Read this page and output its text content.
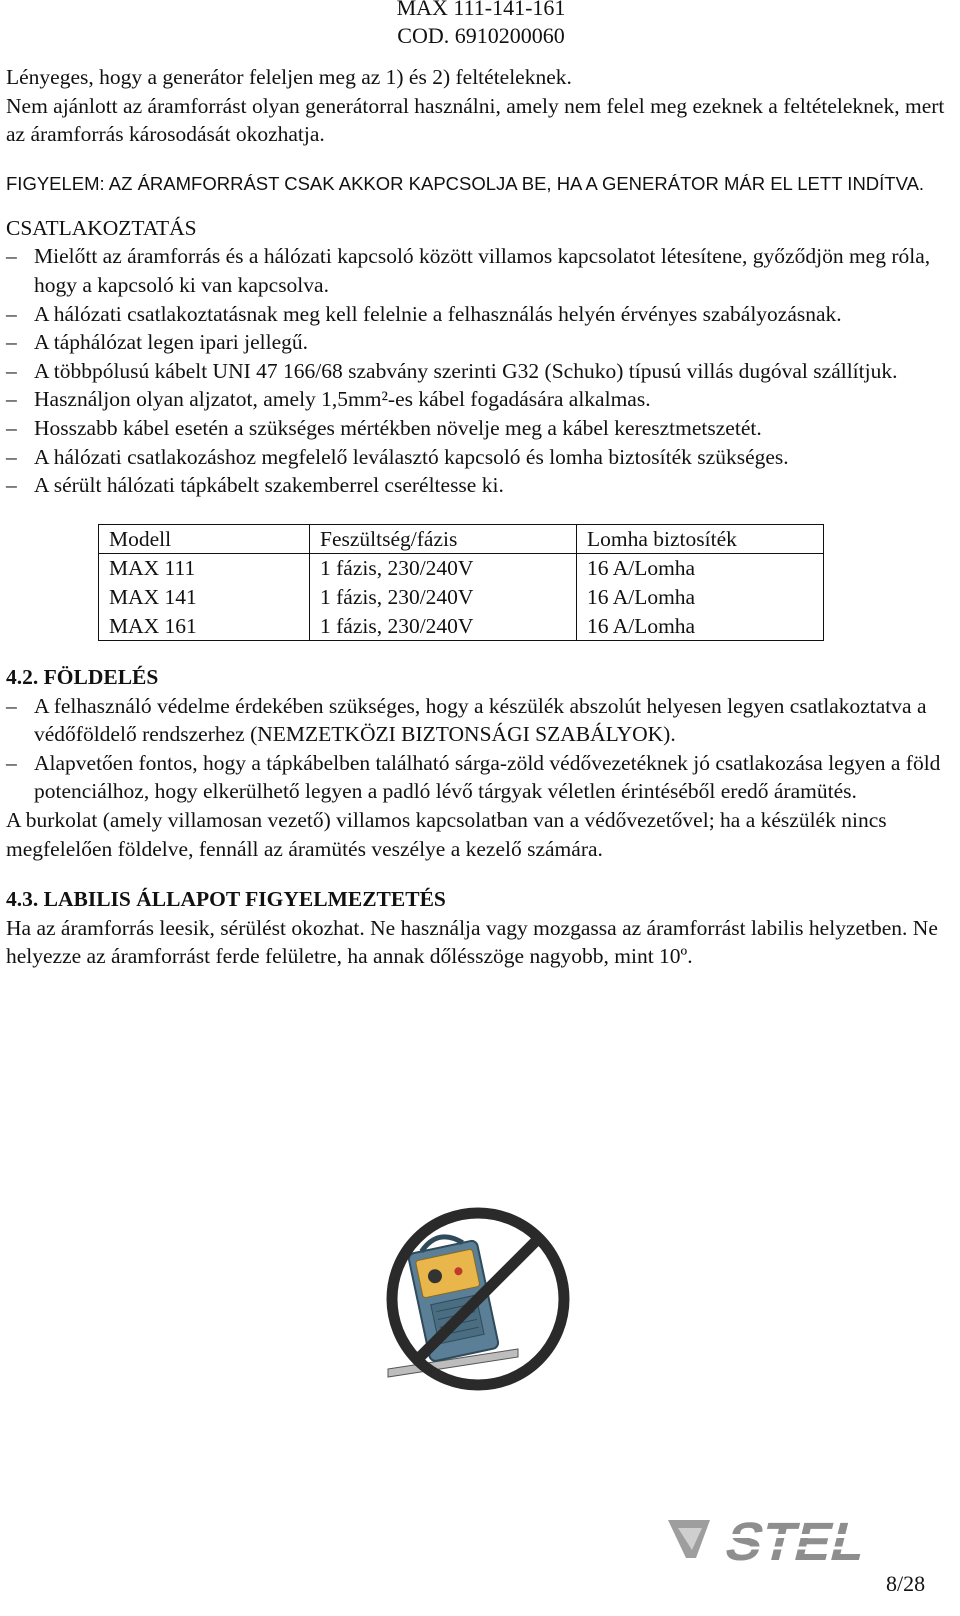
MAX 111-141-161
COD. 6910200060

Lényeges, hogy a generátor feleljen meg az 1) és 2) feltételeknek.

Nem ajánlott az áramforrást olyan generátorral használni, amely nem felel meg ezeknek a feltételeknek, mert az áramforrás károsodását okozhatja.

FIGYELEM: AZ ÁRAMFORRÁST CSAK AKKOR KAPCSOLJA BE, HA A GENERÁTOR MÁR EL LETT INDÍTVA.

CSATLAKOZTATÁS

– Mielőtt az áramforrás és a hálózati kapcsoló között villamos kapcsolatot létesítene, győződjön meg róla, hogy a kapcsoló ki van kapcsolva.
– A hálózati csatlakoztatásnak meg kell felelnie a felhasználás helyén érvényes szabályozásnak.
– A táphálózat legen ipari jellegű.
– A többpólusú kábelt UNI 47 166/68 szabvány szerinti G32 (Schuko) típusú villás dugóval szállítjuk.
– Használjon olyan aljzatot, amely 1,5mm²-es kábel fogadására alkalmas.
– Hosszabb kábel esetén a szükséges mértékben növelje meg a kábel keresztmetszetét.
– A hálózati csatlakozáshoz megfelelő leválasztó kapcsoló és lomha biztosíték szükséges.
– A sérült hálózati tápkábelt szakemberrel cseréltesse ki.
Modell	Feszültség/fázis	Lomha biztosíték
MAX 111	1 fázis, 230/240V	16 A/Lomha
MAX 141	1 fázis, 230/240V	16 A/Lomha
MAX 161	1 fázis, 230/240V	16 A/Lomha

4.2. FÖLDELÉS

– A felhasználó védelme érdekében szükséges, hogy a készülék abszolút helyesen legyen csatlakoztatva a védőföldelő rendszerhez (NEMZETKÖZI BIZTONSÁGI SZABÁLYOK).
– Alapvetően fontos, hogy a tápkábelben található sárga-zöld védővezetéknek jó csatlakozása legyen a föld potenciálhoz, hogy elkerülhető legyen a padló lévő tárgyak véletlen érintéséből eredő áramütés.

A burkolat (amely villamosan vezető) villamos kapcsolatban van a védővezetővel; ha a készülék nincs megfelelően földelve, fennáll az áramütés veszélye a kezelő számára.

4.3. LABILIS ÁLLAPOT FIGYELMEZTETÉS

Ha az áramforrás leesik, sérülést okozhat. Ne használja vagy mozgassa az áramforrást labilis helyzetben. Ne helyezze az áramforrást ferde felületre, ha annak dőlésszöge nagyobb, mint 10º.

STEL
8/28
